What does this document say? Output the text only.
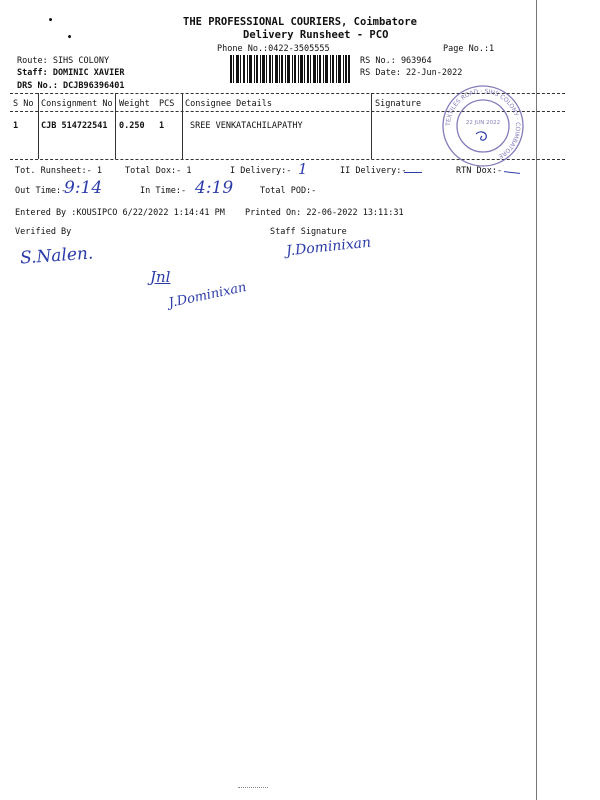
THE PROFESSIONAL COURIERS, Coimbatore
Delivery Runsheet - PCO
Phone No.:0422-3505555	Page No.:1
•
•
Route: SIHS COLONY
Staff: DOMINIC XAVIER
DRS No.: DCJB96396401
RS No.: 963964
RS Date: 22-Jun-2022
S No Consignment No Weight PCS Consignee Details	Signature
1	CJB 514722541 0.250 1	SREE VENKATACHILAPATHY	TEXTILES ROAD · SIHS COLONY · COIMBATORE
22 JUN 2022
Tot. Runsheet:- 1	Total Dox:- 1	I Delivery:- 1	II Delivery:-	RTN Dox:-
Out Time:-
9:14	In Time:- 4:19	Total POD:-
Entered By :KOUSIPCO 6/22/2022 1:14:41 PM Printed On: 22-06-2022 13:11:31
Verified By	Staff Signature
S.Nalen.	J.Dominixan
Jnl
J.Dominixan
